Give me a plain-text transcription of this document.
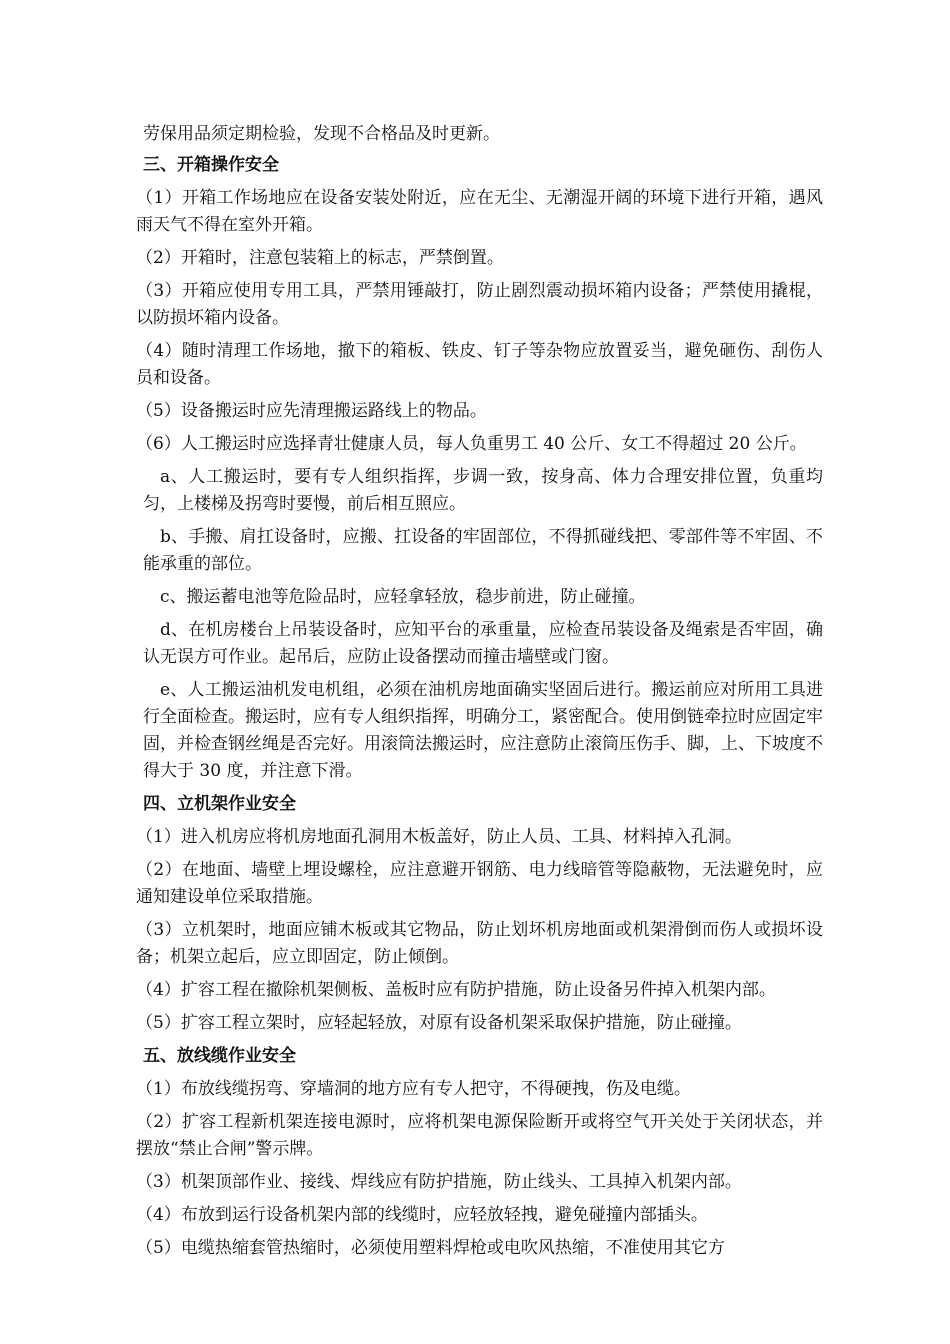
劳保用品须定期检验，发现不合格品及时更新。

三、开箱操作安全

（1）开箱工作场地应在设备安装处附近，应在无尘、无潮湿开阔的环境下进行开箱，遇风雨天气不得在室外开箱。

（2）开箱时，注意包装箱上的标志，严禁倒置。

（3）开箱应使用专用工具，严禁用锤敲打，防止剧烈震动损坏箱内设备；严禁使用撬棍，以防损坏箱内设备。

（4）随时清理工作场地，撤下的箱板、铁皮、钉子等杂物应放置妥当，避免砸伤、刮伤人员和设备。

（5）设备搬运时应先清理搬运路线上的物品。

（6）人工搬运时应选择青壮健康人员，每人负重男工 40 公斤、女工不得超过 20 公斤。

a、人工搬运时，要有专人组织指挥，步调一致，按身高、体力合理安排位置，负重均匀，上楼梯及拐弯时要慢，前后相互照应。

b、手搬、肩扛设备时，应搬、扛设备的牢固部位，不得抓碰线把、零部件等不牢固、不能承重的部位。

c、搬运蓄电池等危险品时，应轻拿轻放，稳步前进，防止碰撞。

d、在机房楼台上吊装设备时，应知平台的承重量，应检查吊装设备及绳索是否牢固，确认无误方可作业。起吊后，应防止设备摆动而撞击墙壁或门窗。

e、人工搬运油机发电机组，必须在油机房地面确实坚固后进行。搬运前应对所用工具进行全面检查。搬运时，应有专人组织指挥，明确分工，紧密配合。使用倒链牵拉时应固定牢固，并检查钢丝绳是否完好。用滚筒法搬运时，应注意防止滚筒压伤手、脚，上、下坡度不得大于 30 度，并注意下滑。

四、立机架作业安全

（1）进入机房应将机房地面孔洞用木板盖好，防止人员、工具、材料掉入孔洞。

（2）在地面、墙壁上埋设螺栓，应注意避开钢筋、电力线暗管等隐蔽物，无法避免时，应通知建设单位采取措施。

（3）立机架时，地面应铺木板或其它物品，防止划坏机房地面或机架滑倒而伤人或损坏设备；机架立起后，应立即固定，防止倾倒。

（4）扩容工程在撤除机架侧板、盖板时应有防护措施，防止设备另件掉入机架内部。

（5）扩容工程立架时，应轻起轻放，对原有设备机架采取保护措施，防止碰撞。

五、放线缆作业安全

（1）布放线缆拐弯、穿墙洞的地方应有专人把守，不得硬拽，伤及电缆。

（2）扩容工程新机架连接电源时，应将机架电源保险断开或将空气开关处于关闭状态，并摆放“禁止合闸”警示牌。

（3）机架顶部作业、接线、焊线应有防护措施，防止线头、工具掉入机架内部。

（4）布放到运行设备机架内部的线缆时，应轻放轻拽，避免碰撞内部插头。

（5）电缆热缩套管热缩时，必须使用塑料焊枪或电吹风热缩，不准使用其它方
